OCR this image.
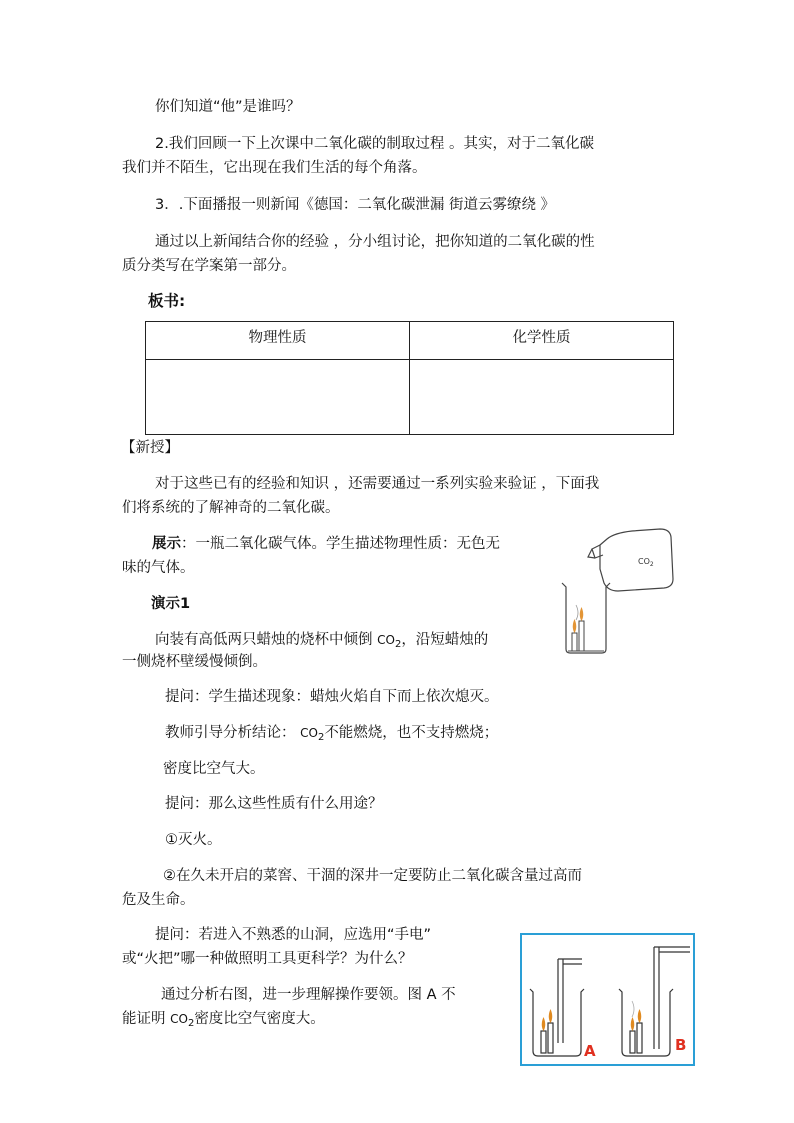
你们知道“他”是谁吗？
2.我们回顾一下上次课中二氧化碳的制取过程 。其实，对于二氧化碳
我们并不陌生，它出现在我们生活的每个角落。
3．.下面播报一则新闻《德国：二氧化碳泄漏 街道云雾缭绕 》
通过以上新闻结合你的经验 ，分小组讨论，把你知道的二氧化碳的性
质分类写在学案第一部分。
板书:
物理性质	化学性质

【新授】
对于这些已有的经验和知识 ，还需要通过一系列实验来验证 ，下面我
们将系统的了解神奇的二氧化碳。
展示：一瓶二氧化碳气体。学生描述物理性质：无色无
味的气体。
演示1
向装有高低两只蜡烛的烧杯中倾倒 $CO_2$，沿短蜡烛的
一侧烧杯壁缓慢倾倒。
提问：学生描述现象：蜡烛火焰自下而上依次熄灭。
教师引导分析结论： $CO_2$不能燃烧，也不支持燃烧；
密度比空气大。
提问：那么这些性质有什么用途？
①灭火。
②在久未开启的菜窖、干涸的深井一定要防止二氧化碳含量过高而
危及生命。
提问：若进入不熟悉的山洞，应选用“手电”
或“火把”哪一种做照明工具更科学？为什么？
通过分析右图，进一步理解操作要领。图 A 不
能证明 $CO_2$密度比空气密度大。
$CO_2$
A	B
